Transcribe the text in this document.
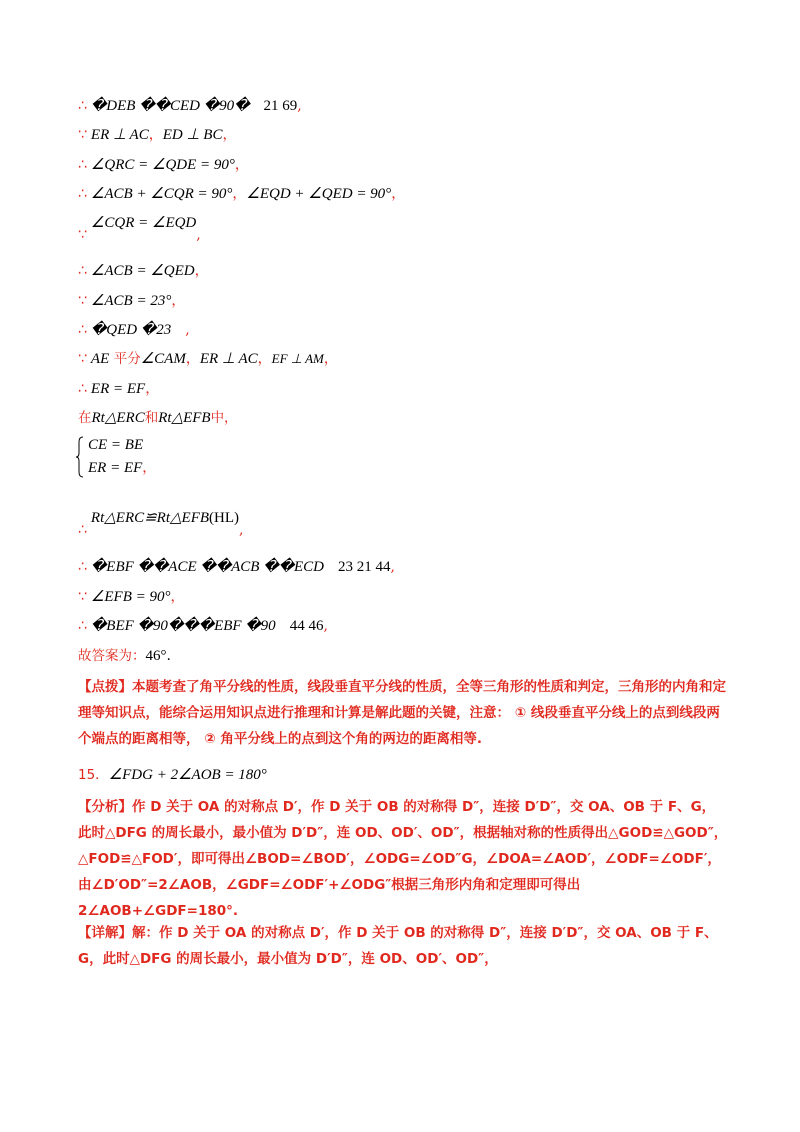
∴ �DEB ��CED �90� 21 69,
∵ ER ⊥ AC，ED ⊥ BC，
∴ ∠QRC = ∠QDE = 90°，
∴ ∠ACB + ∠CQR = 90°，∠EQD + ∠QED = 90°，
∵∠CQR = ∠EQD,
∴ ∠ACB = ∠QED，
∵ ∠ACB = 23°，
∴ �QED �23 ,
∵ AE 平分∠CAM，ER ⊥ AC，EF ⊥ AM，
∴ ER = EF，
在Rt△ERC和Rt△EFB中，
CE = BE
ER = EF，
∴Rt△ERC≌Rt△EFB(HL),
∴ �EBF ��ACE ��ACB ��ECD 23 21 44,
∵ ∠EFB = 90°，
∴ �BEF �90���EBF �90 44 46,
故答案为：46°.
【点拨】本题考查了角平分线的性质，线段垂直平分线的性质，全等三角形的性质和判定，三角形的内角和定理等知识点，能综合运用知识点进行推理和计算是解此题的关键，注意： ① 线段垂直平分线上的点到线段两个端点的距离相等， ② 角平分线上的点到这个角的两边的距离相等.
15．∠FDG + 2∠AOB = 180°
【分析】作 D 关于 OA 的对称点 D′，作 D 关于 OB 的对称得 D″，连接 D′D″，交 OA、OB 于 F、G，此时△DFG 的周长最小，最小值为 D′D″，连 OD、OD′、OD″，根据轴对称的性质得出△GOD≌△GOD″，△FOD≌△FOD′，即可得出∠BOD=∠BOD′，∠ODG=∠OD″G，∠DOA=∠AOD′，∠ODF=∠ODF′，由∠D′OD″=2∠AOB，∠GDF=∠ODF′+∠ODG″根据三角形内角和定理即可得出 2∠AOB+∠GDF=180°.
【详解】解：作 D 关于 OA 的对称点 D′，作 D 关于 OB 的对称得 D″，连接 D′D″，交 OA、OB 于 F、G，此时△DFG 的周长最小，最小值为 D′D″，连 OD、OD′、OD″，
